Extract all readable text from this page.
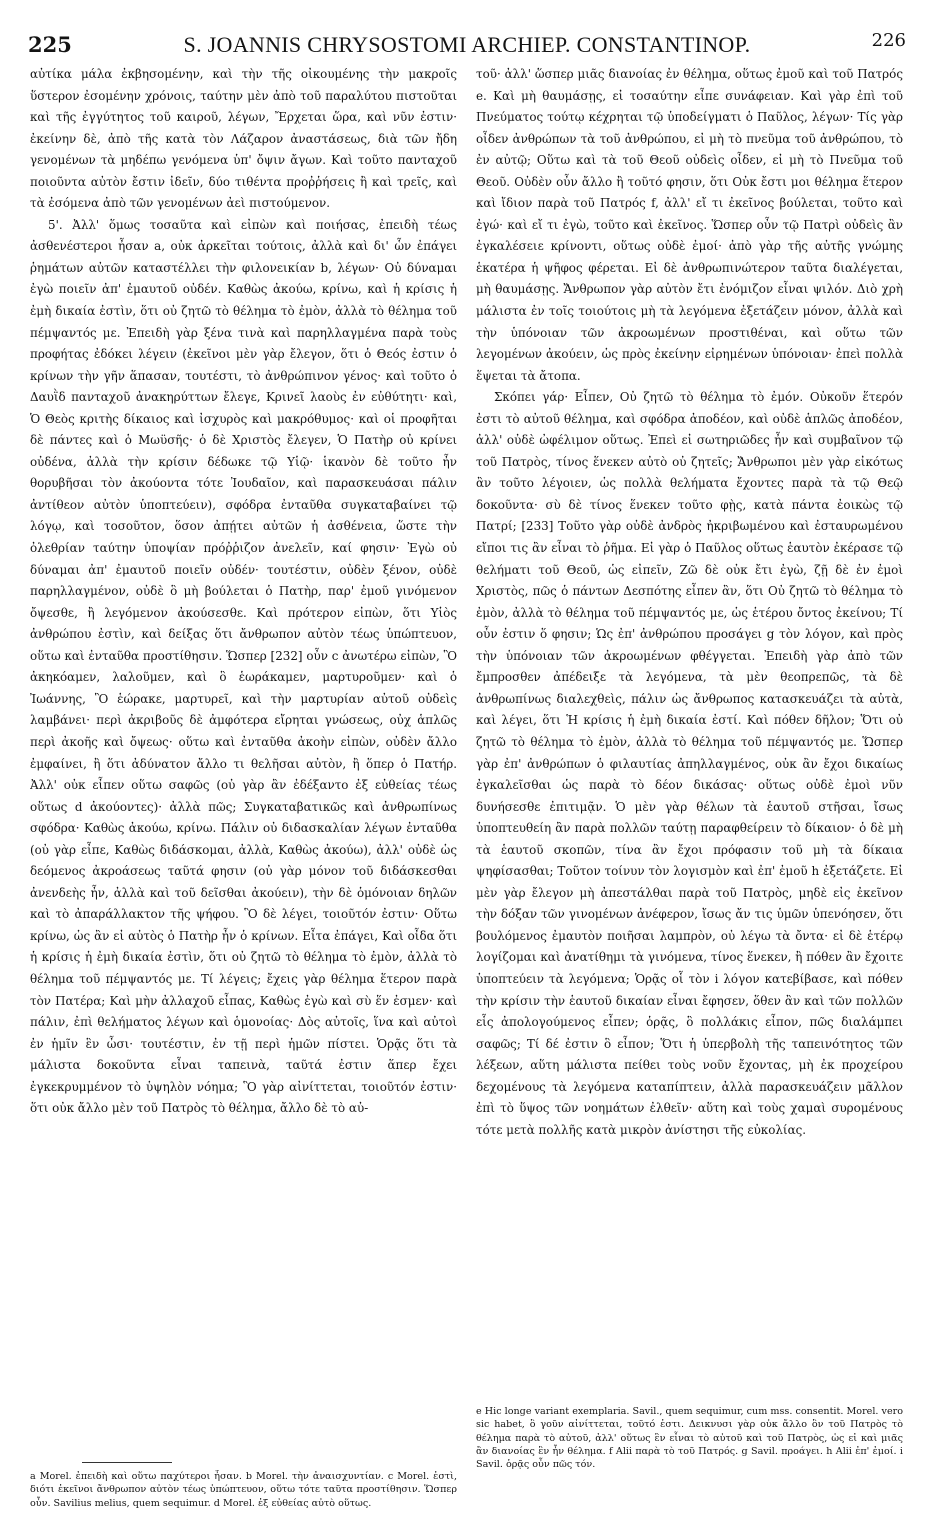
225	S. JOANNIS CHRYSOSTOMI ARCHIEP. CONSTANTINOP.	226

αὐτίκα μάλα ἐκβησομένην, καὶ τὴν τῆς οἰκουμένης τὴν μακροῖς ὕστερον ἐσομένην χρόνοις, ταύτην μὲν ἀπὸ τοῦ παραλύτου πιστοῦται καὶ τῆς ἐγγύτητος τοῦ καιροῦ, λέγων, Ἔρχεται ὥρα, καὶ νῦν ἐστιν· ἐκείνην δὲ, ἀπὸ τῆς κατὰ τὸν Λάζαρον ἀναστάσεως, διὰ τῶν ἤδη γενομένων τὰ μηδέπω γενόμενα ὑπ' ὄψιν ἄγων. Καὶ τοῦτο πανταχοῦ ποιοῦντα αὐτὸν ἔστιν ἰδεῖν, δύο τιθέντα προῤῥήσεις ἢ καὶ τρεῖς, καὶ τὰ ἐσόμενα ἀπὸ τῶν γενομένων ἀεὶ πιστούμενον.

5'. Ἀλλ' ὅμως τοσαῦτα καὶ εἰπὼν καὶ ποιήσας, ἐπειδὴ τέως ἀσθενέστεροι ἦσαν a, οὐκ ἀρκεῖται τούτοις, ἀλλὰ καὶ δι' ὧν ἐπάγει ῥημάτων αὐτῶν καταστέλλει τὴν φιλονεικίαν b, λέγων· Οὐ δύναμαι ἐγὼ ποιεῖν ἀπ' ἐμαυτοῦ οὐδέν. Καθὼς ἀκούω, κρίνω, καὶ ἡ κρίσις ἡ ἐμὴ δικαία ἐστὶν, ὅτι οὐ ζητῶ τὸ θέλημα τὸ ἐμὸν, ἀλλὰ τὸ θέλημα τοῦ πέμψαντός με. Ἐπειδὴ γὰρ ξένα τινὰ καὶ παρηλλαγμένα παρὰ τοὺς προφήτας ἐδόκει λέγειν (ἐκεῖνοι μὲν γὰρ ἔλεγον, ὅτι ὁ Θεός ἐστιν ὁ κρίνων τὴν γῆν ἅπασαν, τουτέστι, τὸ ἀνθρώπινον γένος· καὶ τοῦτο ὁ Δαυῒδ πανταχοῦ ἀνακηρύττων ἔλεγε, Κρινεῖ λαοὺς ἐν εὐθύτητι· καὶ, Ὁ Θεὸς κριτὴς δίκαιος καὶ ἰσχυρὸς καὶ μακρόθυμος· καὶ οἱ προφῆται δὲ πάντες καὶ ὁ Μωϋσῆς· ὁ δὲ Χριστὸς ἔλεγεν, Ὁ Πατὴρ οὐ κρίνει οὐδένα, ἀλλὰ τὴν κρίσιν δέδωκε τῷ Υἱῷ· ἱκανὸν δὲ τοῦτο ἦν θορυβῆσαι τὸν ἀκούοντα τότε Ἰουδαῖον, καὶ παρασκευάσαι πάλιν ἀντίθεον αὐτὸν ὑποπτεύειν), σφόδρα ἐνταῦθα συγκαταβαίνει τῷ λόγῳ, καὶ τοσοῦτον, ὅσον ἀπῄτει αὐτῶν ἡ ἀσθένεια, ὥστε τὴν ὀλεθρίαν ταύτην ὑποψίαν πρόῤῥιζον ἀνελεῖν, καί φησιν· Ἐγὼ οὐ δύναμαι ἀπ' ἐμαυτοῦ ποιεῖν οὐδέν· τουτέστιν, οὐδὲν ξένον, οὐδὲ παρηλλαγμένον, οὐδὲ ὃ μὴ βούλεται ὁ Πατὴρ, παρ' ἐμοῦ γινόμενον ὄψεσθε, ἢ λεγόμενον ἀκούσεσθε. Καὶ πρότερον εἰπὼν, ὅτι Υἱὸς ἀνθρώπου ἐστὶν, καὶ δείξας ὅτι ἄνθρωπον αὐτὸν τέως ὑπώπτευον, οὕτω καὶ ἐνταῦθα προστίθησιν. Ὥσπερ [232] οὖν c ἀνωτέρω εἰπὼν, Ὃ ἀκηκόαμεν, λαλοῦμεν, καὶ ὃ ἑωράκαμεν, μαρτυροῦμεν· καὶ ὁ Ἰωάννης, Ὃ ἑώρακε, μαρτυρεῖ, καὶ τὴν μαρτυρίαν αὐτοῦ οὐδεὶς λαμβάνει· περὶ ἀκριβοῦς δὲ ἀμφότερα εἴρηται γνώσεως, οὐχ ἁπλῶς περὶ ἀκοῆς καὶ ὄψεως· οὕτω καὶ ἐνταῦθα ἀκοὴν εἰπὼν, οὐδὲν ἄλλο ἐμφαίνει, ἢ ὅτι ἀδύνατον ἄλλο τι θελῆσαι αὐτὸν, ἢ ὅπερ ὁ Πατήρ. Ἀλλ' οὐκ εἶπεν οὕτω σαφῶς (οὐ γὰρ ἂν ἐδέξαντο ἐξ εὐθείας τέως οὕτως d ἀκούοντες)· ἀλλὰ πῶς; Συγκαταβατικῶς καὶ ἀνθρωπίνως σφόδρα· Καθὼς ἀκούω, κρίνω. Πάλιν οὐ διδασκαλίαν λέγων ἐνταῦθα (οὐ γὰρ εἶπε, Καθὼς διδάσκομαι, ἀλλὰ, Καθὼς ἀκούω), ἀλλ' οὐδὲ ὡς δεόμενος ἀκροάσεως ταῦτά φησιν (οὐ γὰρ μόνον τοῦ διδάσκεσθαι ἀνενδεὴς ἦν, ἀλλὰ καὶ τοῦ δεῖσθαι ἀκούειν), τὴν δὲ ὁμόνοιαν δηλῶν καὶ τὸ ἀπαράλλακτον τῆς ψήφου. Ὃ δὲ λέγει, τοιοῦτόν ἐστιν· Οὕτω κρίνω, ὡς ἂν εἰ αὐτὸς ὁ Πατὴρ ἦν ὁ κρίνων. Εἶτα ἐπάγει, Καὶ οἶδα ὅτι ἡ κρίσις ἡ ἐμὴ δικαία ἐστὶν, ὅτι οὐ ζητῶ τὸ θέλημα τὸ ἐμὸν, ἀλλὰ τὸ θέλημα τοῦ πέμψαντός με. Τί λέγεις; ἔχεις γὰρ θέλημα ἕτερον παρὰ τὸν Πατέρα; Καὶ μὴν ἀλλαχοῦ εἶπας, Καθὼς ἐγὼ καὶ σὺ ἕν ἐσμεν· καὶ πάλιν, ἐπὶ θελήματος λέγων καὶ ὁμονοίας· Δὸς αὐτοῖς, ἵνα καὶ αὐτοὶ ἐν ἡμῖν ἓν ὦσι· τουτέστιν, ἐν τῇ περὶ ἡμῶν πίστει. Ὁρᾷς ὅτι τὰ μάλιστα δοκοῦντα εἶναι ταπεινὰ, ταῦτά ἐστιν ἅπερ ἔχει ἐγκεκρυμμένον τὸ ὑψηλὸν νόημα; Ὃ γὰρ αἰνίττεται, τοιοῦτόν ἐστιν· ὅτι οὐκ ἄλλο μὲν τοῦ Πατρὸς τὸ θέλημα, ἄλλο δὲ τὸ αὐ-

τοῦ· ἀλλ' ὥσπερ μιᾶς διανοίας ἐν θέλημα, οὕτως ἐμοῦ καὶ τοῦ Πατρός e. Καὶ μὴ θαυμάσῃς, εἰ τοσαύτην εἶπε συνάφειαν. Καὶ γὰρ ἐπὶ τοῦ Πνεύματος τούτῳ κέχρηται τῷ ὑποδείγματι ὁ Παῦλος, λέγων· Τίς γὰρ οἶδεν ἀνθρώπων τὰ τοῦ ἀνθρώπου, εἰ μὴ τὸ πνεῦμα τοῦ ἀνθρώπου, τὸ ἐν αὐτῷ; Οὕτω καὶ τὰ τοῦ Θεοῦ οὐδεὶς οἶδεν, εἰ μὴ τὸ Πνεῦμα τοῦ Θεοῦ. Οὐδὲν οὖν ἄλλο ἢ τοῦτό φησιν, ὅτι Οὐκ ἔστι μοι θέλημα ἕτερον καὶ ἴδιον παρὰ τοῦ Πατρός f, ἀλλ' εἴ τι ἐκεῖνος βούλεται, τοῦτο καὶ ἐγώ· καὶ εἴ τι ἐγὼ, τοῦτο καὶ ἐκεῖνος. Ὥσπερ οὖν τῷ Πατρὶ οὐδεὶς ἂν ἐγκαλέσειε κρίνοντι, οὕτως οὐδὲ ἐμοί· ἀπὸ γὰρ τῆς αὐτῆς γνώμης ἑκατέρα ἡ ψῆφος φέρεται. Εἰ δὲ ἀνθρωπινώτερον ταῦτα διαλέγεται, μὴ θαυμάσῃς. Ἄνθρωπον γὰρ αὐτὸν ἔτι ἐνόμιζον εἶναι ψιλόν. Διὸ χρὴ μάλιστα ἐν τοῖς τοιούτοις μὴ τὰ λεγόμενα ἐξετάζειν μόνον, ἀλλὰ καὶ τὴν ὑπόνοιαν τῶν ἀκροωμένων προστιθέναι, καὶ οὕτω τῶν λεγομένων ἀκούειν, ὡς πρὸς ἐκείνην εἰρημένων ὑπόνοιαν· ἐπεὶ πολλὰ ἕψεται τὰ ἄτοπα.

Σκόπει γάρ· Εἶπεν, Οὐ ζητῶ τὸ θέλημα τὸ ἐμόν. Οὐκοῦν ἕτερόν ἐστι τὸ αὐτοῦ θέλημα, καὶ σφόδρα ἀποδέον, καὶ οὐδὲ ἁπλῶς ἀποδέον, ἀλλ' οὐδὲ ὠφέλιμον οὕτως. Ἐπεὶ εἰ σωτηριῶδες ἦν καὶ συμβαῖνον τῷ τοῦ Πατρὸς, τίνος ἕνεκεν αὐτὸ οὐ ζητεῖς; Ἄνθρωποι μὲν γὰρ εἰκότως ἂν τοῦτο λέγοιεν, ὡς πολλὰ θελήματα ἔχοντες παρὰ τὰ τῷ Θεῷ δοκοῦντα· σὺ δὲ τίνος ἕνεκεν τοῦτο φῂς, κατὰ πάντα ἐοικὼς τῷ Πατρί; [233] Τοῦτο γὰρ οὐδὲ ἀνδρὸς ἠκριβωμένου καὶ ἐσταυρωμένου εἴποι τις ἂν εἶναι τὸ ῥῆμα. Εἰ γὰρ ὁ Παῦλος οὕτως ἑαυτὸν ἐκέρασε τῷ θελήματι τοῦ Θεοῦ, ὡς εἰπεῖν, Ζῶ δὲ οὐκ ἔτι ἐγὼ, ζῇ δὲ ἐν ἐμοὶ Χριστὸς, πῶς ὁ πάντων Δεσπότης εἶπεν ἂν, ὅτι Οὐ ζητῶ τὸ θέλημα τὸ ἐμὸν, ἀλλὰ τὸ θέλημα τοῦ πέμψαντός με, ὡς ἑτέρου ὄντος ἐκείνου; Τί οὖν ἐστιν ὅ φησιν; Ὡς ἐπ' ἀνθρώπου προσάγει g τὸν λόγον, καὶ πρὸς τὴν ὑπόνοιαν τῶν ἀκροωμένων φθέγγεται. Ἐπειδὴ γὰρ ἀπὸ τῶν ἔμπροσθεν ἀπέδειξε τὰ λεγόμενα, τὰ μὲν θεοπρεπῶς, τὰ δὲ ἀνθρωπίνως διαλεχθεὶς, πάλιν ὡς ἄνθρωπος κατασκευάζει τὰ αὐτὰ, καὶ λέγει, ὅτι Ἡ κρίσις ἡ ἐμὴ δικαία ἐστί. Καὶ πόθεν δῆλον; Ὅτι οὐ ζητῶ τὸ θέλημα τὸ ἐμὸν, ἀλλὰ τὸ θέλημα τοῦ πέμψαντός με. Ὥσπερ γὰρ ἐπ' ἀνθρώπων ὁ φιλαυτίας ἀπηλλαγμένος, οὐκ ἂν ἔχοι δικαίως ἐγκαλεῖσθαι ὡς παρὰ τὸ δέον δικάσας· οὕτως οὐδὲ ἐμοὶ νῦν δυνήσεσθε ἐπιτιμᾷν. Ὁ μὲν γὰρ θέλων τὰ ἑαυτοῦ στῆσαι, ἴσως ὑποπτευθείη ἂν παρὰ πολλῶν ταύτῃ παραφθείρειν τὸ δίκαιον· ὁ δὲ μὴ τὰ ἑαυτοῦ σκοπῶν, τίνα ἂν ἔχοι πρόφασιν τοῦ μὴ τὰ δίκαια ψηφίσασθαι; Τοῦτον τοίνυν τὸν λογισμὸν καὶ ἐπ' ἐμοῦ h ἐξετάζετε. Εἰ μὲν γὰρ ἔλεγον μὴ ἀπεστάλθαι παρὰ τοῦ Πατρὸς, μηδὲ εἰς ἐκεῖνον τὴν δόξαν τῶν γινομένων ἀνέφερον, ἴσως ἄν τις ὑμῶν ὑπενόησεν, ὅτι βουλόμενος ἐμαυτὸν ποιῆσαι λαμπρὸν, οὐ λέγω τὰ ὄντα· εἰ δὲ ἑτέρῳ λογίζομαι καὶ ἀνατίθημι τὰ γινόμενα, τίνος ἕνεκεν, ἢ πόθεν ἂν ἔχοιτε ὑποπτεύειν τὰ λεγόμενα; Ὁρᾷς οἷ τὸν i λόγον κατεβίβασε, καὶ πόθεν τὴν κρίσιν τὴν ἑαυτοῦ δικαίαν εἶναι ἔφησεν, ὅθεν ἂν καὶ τῶν πολλῶν εἷς ἀπολογούμενος εἶπεν; ὁρᾷς, ὃ πολλάκις εἶπον, πῶς διαλάμπει σαφῶς; Τί δέ ἐστιν ὃ εἶπον; Ὅτι ἡ ὑπερβολὴ τῆς ταπεινότητος τῶν λέξεων, αὕτη μάλιστα πείθει τοὺς νοῦν ἔχοντας, μὴ ἐκ προχείρου δεχομένους τὰ λεγόμενα καταπίπτειν, ἀλλὰ παρασκευάζειν μᾶλλον ἐπὶ τὸ ὕψος τῶν νοημάτων ἐλθεῖν· αὕτη καὶ τοὺς χαμαὶ συρομένους τότε μετὰ πολλῆς κατὰ μικρὸν ἀνίστησι τῆς εὐκολίας.

a Morel. ἐπειδὴ καὶ οὕτω παχύτεροι ἦσαν. b Morel. τὴν ἀναισχυντίαν. c Morel. ἐστὶ, διότι ἐκεῖνοι ἄνθρωπον αὐτὸν τέως ὑπώπτευον, οὕτω τότε ταῦτα προστίθησιν. Ὥσπερ οὖν. Savilius melius, quem sequimur. d Morel. ἐξ εὐθείας αὐτὸ οὕτως.
e Hic longe variant exemplaria. Savil., quem sequimur, cum mss. consentit. Morel. vero sic habet, ὃ γοῦν αἰνίττεται, τοῦτό ἐστι. Δεικνυσι γὰρ οὐκ ἄλλο ὂν τοῦ Πατρὸς τὸ θέλημα παρὰ τὸ αὐτοῦ, ἀλλ' οὕτως ἓν εἶναι τὸ αὐτοῦ καὶ τοῦ Πατρὸς, ὡς εἰ καὶ μιᾶς ἂν διανοίας ἓν ἦν θέλημα. f Alii παρὰ τὸ τοῦ Πατρός. g Savil. προάγει. h Alii ἐπ' ἐμοί. i Savil. ὁρᾷς οὖν πῶς τόν.
